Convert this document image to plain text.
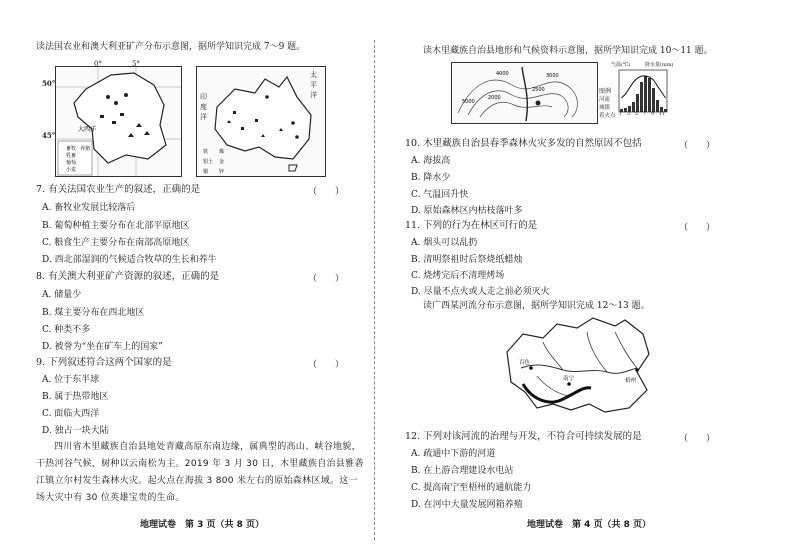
读法国农业和澳大利亚矿产分布示意图，据所学知识完成 7～9 题。
大西洋
畜牧
乳畜
葡萄
小麦
养猪
50°
45°
0°	5°
铁 煤
铝土 金
铜 锌
太平洋
印度洋
7. 有关法国农业生产的叙述，正确的是	（　　）
A. 畜牧业发展比较落后
B. 葡萄种植主要分布在北部平原地区
C. 粮食生产主要分布在南部高原地区
D. 西北部湿润的气候适合牧草的生长和养牛
8. 有关澳大利亚矿产资源的叙述，正确的是	（　　）
A. 储量少
B. 煤主要分布在西北地区
C. 种类不多
D. 被誉为“坐在矿车上的国家”
9. 下列叙述符合这两个国家的是	（　　）
A. 位于东半球
B. 属于热带地区
C. 面临大西洋
D. 独占一块大陆
四川省木里藏族自治县地处青藏高原东南边缘，属典型的高山、峡谷地貌，干热河谷气候，树种以云南松为主。2019 年 3 月 30 日，木里藏族自治县雅砻江镇立尔村发生森林火灾。起火点在海拔 3 800 米左右的原始森林区域。这一场大灾中有 30 位英雄宝贵的生命。
地理试卷　第 3 页（共 8 页）
读木里藏族自治县地形和气候资料示意图，据所学知识完成 10～11 题。
5000
4000	3000
2500
2000
图例
河流
城镇
着火点
气温(℃)	降水量(mm)
1 3 5 7 9 11
10. 木里藏族自治县春季森林火灾多发的自然原因不包括	（　　）
A. 海拔高
B. 降水少
C. 气温回升快
D. 原始森林区内枯枝落叶多
11. 下列的行为在林区可行的是	（　　）
A. 烟头可以乱扔
B. 清明祭祖时后祭烧纸蜡烛
C. 烧烤完后不清理烤场
D. 尽量不点火或人走之前必须灭火
读广西某河流分布示意图，据所学知识完成 12～13 题。
百色
南宁	梧州
12. 下列对该河流的治理与开发，不符合可持续发展的是	（　　）
A. 疏通中下游的河道
B. 在上游合理建设水电站
C. 提高南宁至梧州的通航能力
D. 在河中大量发展网箱养殖
地理试卷　第 4 页（共 8 页）
